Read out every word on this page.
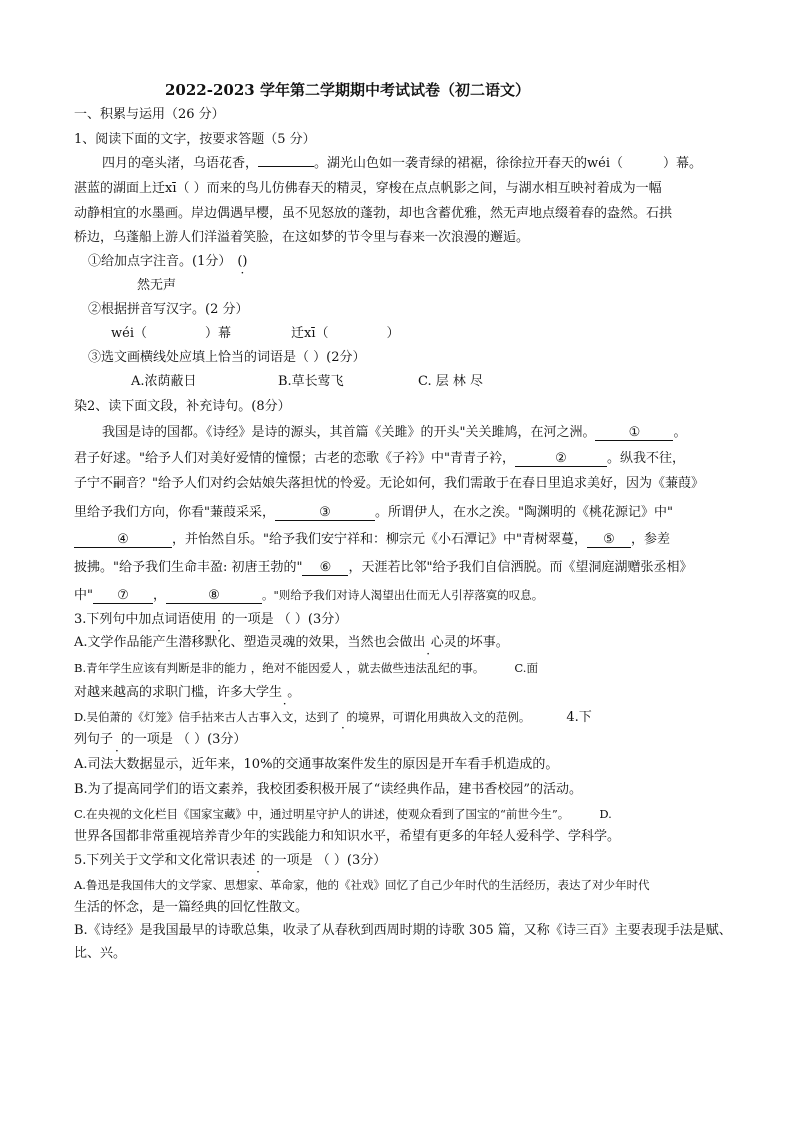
2022-2023 学年第二学期期中考试试卷（初二语文）
一、积累与运用（26 分）
1、阅读下面的文字，按要求答题（5 分）
四月的亳头渚，乌语花香，	。湖光山色如一袭青绿的裙裾，徐徐拉开春天的wéi（	）幕。
湛蓝的湖面上迁xī（ ）而来的鸟儿仿佛春天的精灵，穿梭在点点帆影之间，与湖水相互映衬着成为一幅
动静相宜的水墨画。岸边偶遇早樱，虽不见怒放的蓬勃，却也含蓄优雅，然无声地点缀着春的盎然。石拱
桥边，乌蓬船上游人们洋溢着笑脸，在这如梦的节令里与春来一次浪漫的邂逅。
①给加点字注音。(1分） () ·
然无声
②根据拼音写汉字。(2 分）
wéi（	）幕	迁xī（	）
③选文画横线处应填上恰当的词语是（ ）(2分）
A.浓荫蔽日	B.草长莺飞	C. 层 林 尽
染2、读下面文段，补充诗句。(8分）
我国是诗的国都。《诗经》是诗的源头，其首篇《关雎》的开头"关关雎鸠，在河之洲。	①	。
君子好逑。"给予人们对美好爱情的憧憬；古老的恋歌《子衿》中"青青子衿，	②	。纵我不往，
子宁不嗣音？"给予人们对约会姑娘失落担忧的怜爱。无论如何，我们需敢于在春日里追求美好，因为《蒹葭》
里给予我们方向，你看"蒹葭采采，	③	。所谓伊人，在水之涘。"陶渊明的《桃花源记》中"
④	，并怡然自乐。"给予我们安宁祥和：柳宗元《小石潭记》中"青树翠蔓， ⑤ ，参差
披拂。"给予我们生命丰盈: 初唐王勃的" ⑥ ，天涯若比邻"给予我们自信洒脱。而《望洞庭湖赠张丞相》
中" ⑦ ，	⑧	。"则给予我们对诗人渴望出仕而无人引荐落寞的叹息。
3.下列句中加点词语使用   · 的一项是 （ ）(3分）
A.文学作品能产生潜移默化、塑造灵魂的效果，当然也会做出   · 心灵的坏事。
B.青年学生应该有判断是非的能力 ，绝对不能因爱人 ，就去做些违法乱纪的事。	C.面
对越来越高的求职门槛，许多大学生   · 。
D.吴伯萧的《灯笼》信手拈来古人古事入文，达到了    · 的境界，可谓化用典故入文的范例。	4.下
列句子    · 的一项是 （ ）(3分）
A.司法大数据显示，近年来，10%的交通事故案件发生的原因是开车看手机造成的。
B.为了提高同学们的语文素养，我校团委积极开展了“读经典作品，建书香校园”的活动。
C.在央视的文化栏目《国家宝藏》中，通过明星守护人的讲述，使观众看到了国宝的“前世今生”。	D.
世界各国都非常重视培养青少年的实践能力和知识水平，希望有更多的年轻人爱科学、学科学。
5.下列关于文学和文化常识表述   · 的一项是 （ ）(3分）
A.鲁迅是我国伟大的文学家、思想家、革命家，他的《社戏》回忆了自己少年时代的生活经历，表达了对少年时代
生活的怀念，是一篇经典的回忆性散文。
B.《诗经》是我国最早的诗歌总集，收录了从春秋到西周时期的诗歌 305 篇，又称《诗三百》主要表现手法是赋、
比、兴。
